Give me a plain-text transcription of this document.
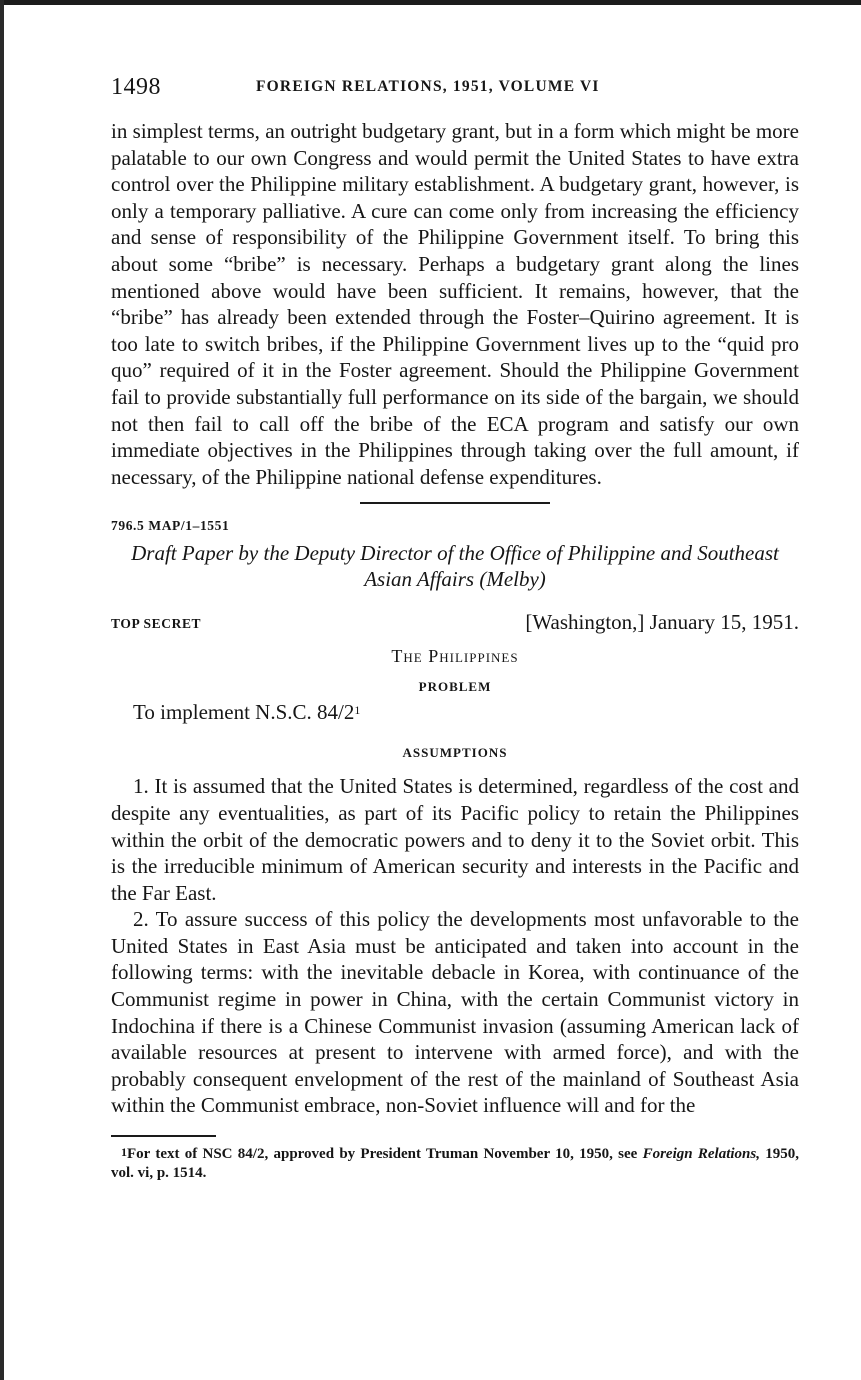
1498	FOREIGN RELATIONS, 1951, VOLUME VI

in simplest terms, an outright budgetary grant, but in a form which might be more palatable to our own Congress and would permit the United States to have extra control over the Philippine military establishment. A budgetary grant, however, is only a temporary palliative. A cure can come only from increasing the efficiency and sense of responsibility of the Philippine Government itself. To bring this about some “bribe” is necessary. Perhaps a budgetary grant along the lines mentioned above would have been sufficient. It remains, however, that the “bribe” has already been extended through the Foster–Quirino agreement. It is too late to switch bribes, if the Philippine Government lives up to the “quid pro quo” required of it in the Foster agreement. Should the Philippine Government fail to provide substantially full performance on its side of the bargain, we should not then fail to call off the bribe of the ECA program and satisfy our own immediate objectives in the Philippines through taking over the full amount, if necessary, of the Philippine national defense expenditures.

796.5 MAP/1–1551

Draft Paper by the Deputy Director of the Office of Philippine and Southeast Asian Affairs (Melby)

TOP SECRET	[Washington,] January 15, 1951.
The Philippines
PROBLEM
To implement N.S.C. $84/2^1$
ASSUMPTIONS

1. It is assumed that the United States is determined, regardless of the cost and despite any eventualities, as part of its Pacific policy to retain the Philippines within the orbit of the democratic powers and to deny it to the Soviet orbit. This is the irreducible minimum of American security and interests in the Pacific and the Far East.

2. To assure success of this policy the developments most unfavorable to the United States in East Asia must be anticipated and taken into account in the following terms: with the inevitable debacle in Korea, with continuance of the Communist regime in power in China, with the certain Communist victory in Indochina if there is a Chinese Communist invasion (assuming American lack of available resources at present to intervene with armed force), and with the probably consequent envelopment of the rest of the mainland of Southeast Asia within the Communist embrace, non-Soviet influence will and for the

$^1$For text of NSC 84/2, approved by President Truman November 10, 1950, see Foreign Relations, 1950, vol. vi, p. 1514.
